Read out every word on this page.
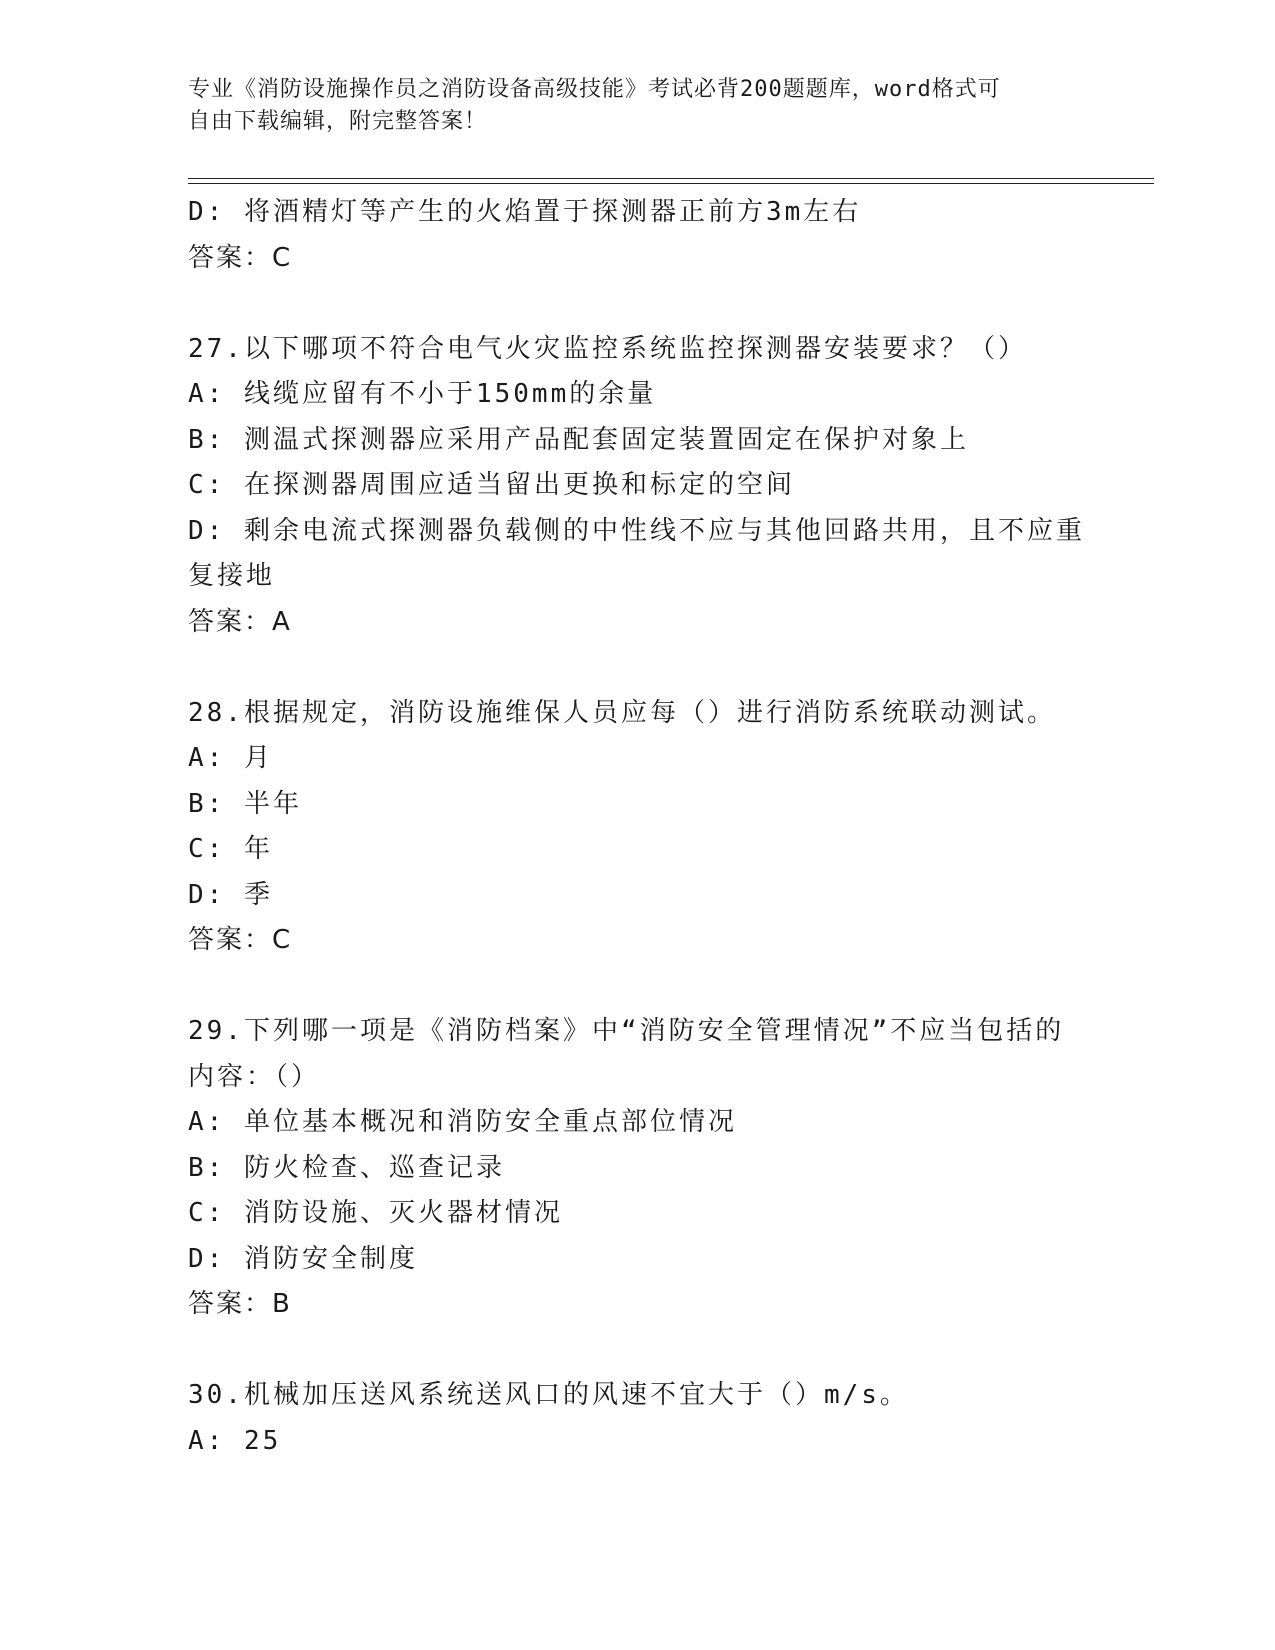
专业《消防设施操作员之消防设备高级技能》考试必背200题题库，word格式可
自由下载编辑，附完整答案！
D: 将酒精灯等产生的火焰置于探测器正前方3m左右
答案：C
27.以下哪项不符合电气火灾监控系统监控探测器安装要求？（）
A: 线缆应留有不小于150mm的余量
B: 测温式探测器应采用产品配套固定装置固定在保护对象上
C: 在探测器周围应适当留出更换和标定的空间
D: 剩余电流式探测器负载侧的中性线不应与其他回路共用，且不应重
复接地
答案：A
28.根据规定，消防设施维保人员应每（）进行消防系统联动测试。
A: 月
B: 半年
C: 年
D: 季
答案：C
29.下列哪一项是《消防档案》中“消防安全管理情况”不应当包括的
内容：（）
A: 单位基本概况和消防安全重点部位情况
B: 防火检查、巡查记录
C: 消防设施、灭火器材情况
D: 消防安全制度
答案：B
30.机械加压送风系统送风口的风速不宜大于（）m/s。
A: 25
